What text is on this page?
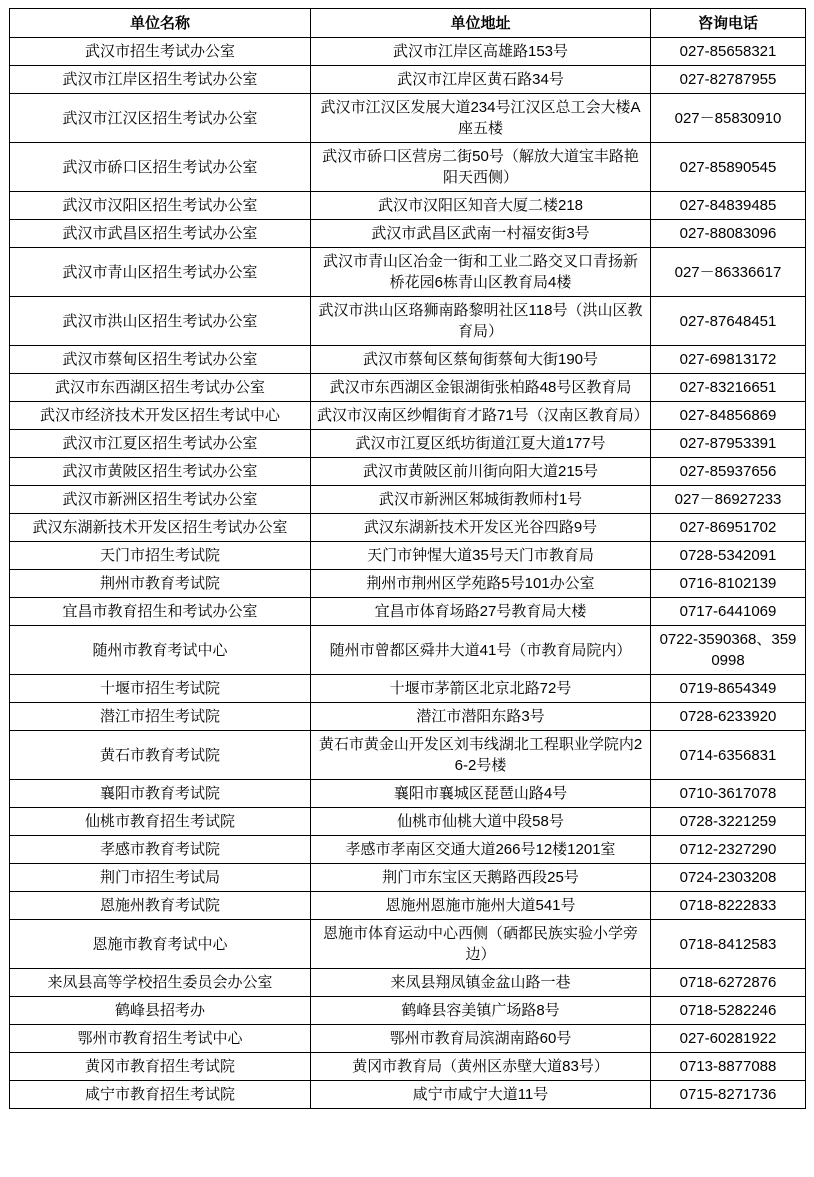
单位名称	单位地址	咨询电话
武汉市招生考试办公室	武汉市江岸区高雄路153号	027-85658321
武汉市江岸区招生考试办公室	武汉市江岸区黄石路34号	027-82787955
武汉市江汉区招生考试办公室	武汉市江汉区发展大道234号江汉区总工会大楼A座五楼	027－85830910
武汉市硚口区招生考试办公室	武汉市硚口区营房二街50号（解放大道宝丰路艳阳天西侧）	027-85890545
武汉市汉阳区招生考试办公室	武汉市汉阳区知音大厦二楼218	027-84839485
武汉市武昌区招生考试办公室	武汉市武昌区武南一村福安街3号	027-88083096
武汉市青山区招生考试办公室	武汉市青山区冶金一街和工业二路交叉口青扬新桥花园6栋青山区教育局4楼	027－86336617
武汉市洪山区招生考试办公室	武汉市洪山区珞狮南路黎明社区118号（洪山区教育局）	027-87648451
武汉市蔡甸区招生考试办公室	武汉市蔡甸区蔡甸街蔡甸大街190号	027-69813172
武汉市东西湖区招生考试办公室	武汉市东西湖区金银湖街张柏路48号区教育局	027-83216651
武汉市经济技术开发区招生考试中心	武汉市汉南区纱帽街育才路71号（汉南区教育局）	027-84856869
武汉市江夏区招生考试办公室	武汉市江夏区纸坊街道江夏大道177号	027-87953391
武汉市黄陂区招生考试办公室	武汉市黄陂区前川街向阳大道215号	027-85937656
武汉市新洲区招生考试办公室	武汉市新洲区邾城街教师村1号	027－86927233
武汉东湖新技术开发区招生考试办公室	武汉东湖新技术开发区光谷四路9号	027-86951702
天门市招生考试院	天门市钟惺大道35号天门市教育局	0728-5342091
荆州市教育考试院	荆州市荆州区学苑路5号101办公室	0716-8102139
宜昌市教育招生和考试办公室	宜昌市体育场路27号教育局大楼	0717-6441069
随州市教育考试中心	随州市曾都区舜井大道41号（市教育局院内）	0722-3590368、3590998
十堰市招生考试院	十堰市茅箭区北京北路72号	0719-8654349
潜江市招生考试院	潜江市潜阳东路3号	0728-6233920
黄石市教育考试院	黄石市黄金山开发区刘韦线湖北工程职业学院内26-2号楼	0714-6356831
襄阳市教育考试院	襄阳市襄城区琵琶山路4号	0710-3617078
仙桃市教育招生考试院	仙桃市仙桃大道中段58号	0728-3221259
孝感市教育考试院	孝感市孝南区交通大道266号12楼1201室	0712-2327290
荆门市招生考试局	荆门市东宝区天鹅路西段25号	0724-2303208
恩施州教育考试院	恩施州恩施市施州大道541号	0718-8222833
恩施市教育考试中心	恩施市体育运动中心西侧（硒都民族实验小学旁边）	0718-8412583
来凤县高等学校招生委员会办公室	来凤县翔凤镇金盆山路一巷	0718-6272876
鹤峰县招考办	鹤峰县容美镇广场路8号	0718-5282246
鄂州市教育招生考试中心	鄂州市教育局滨湖南路60号	027-60281922
黄冈市教育招生考试院	黄冈市教育局（黄州区赤壁大道83号）	0713-8877088
咸宁市教育招生考试院	咸宁市咸宁大道11号	0715-8271736
